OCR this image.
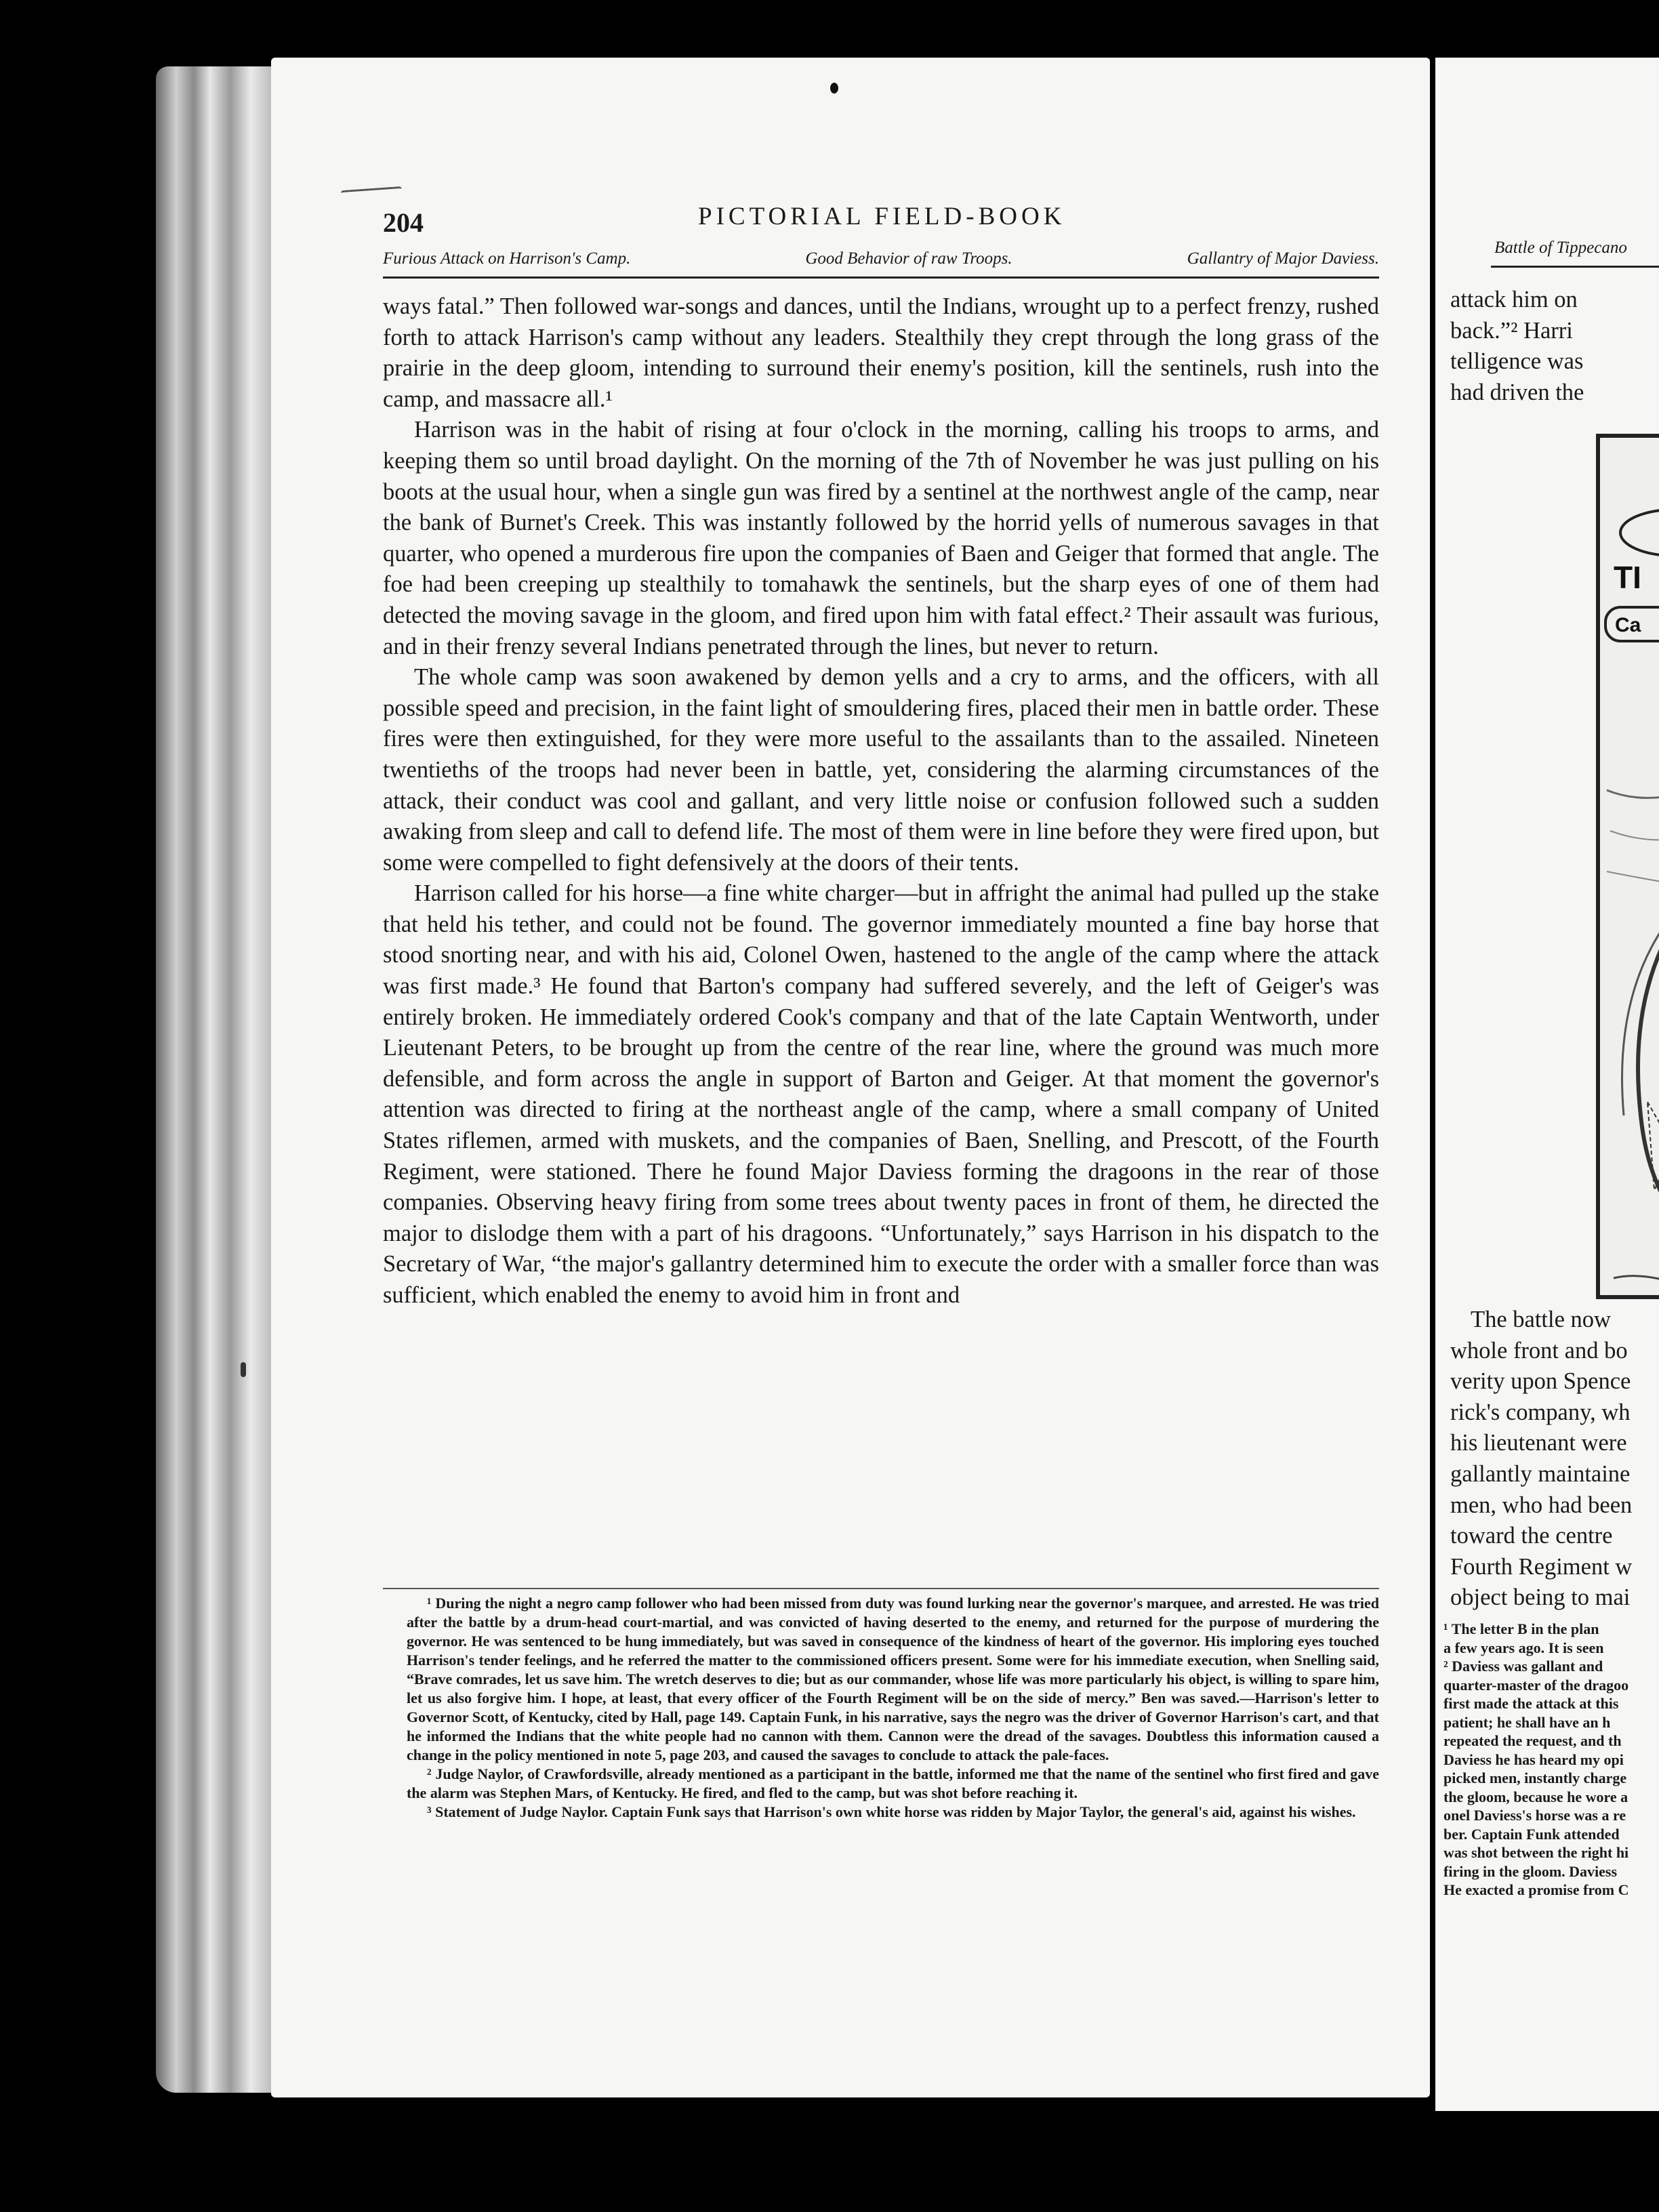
204	PICTORIAL FIELD-BOOK
Furious Attack on Harrison's Camp.	Good Behavior of raw Troops.	Gallantry of Major Daviess.

ways fatal.” Then followed war-songs and dances, until the Indians, wrought up to a perfect frenzy, rushed forth to attack Harrison's camp without any leaders. Stealthily they crept through the long grass of the prairie in the deep gloom, intending to surround their enemy's position, kill the sentinels, rush into the camp, and massacre all.¹

Harrison was in the habit of rising at four o'clock in the morning, calling his troops to arms, and keeping them so until broad daylight. On the morning of the 7th of November he was just pulling on his boots at the usual hour, when a single gun was fired by a sentinel at the northwest angle of the camp, near the bank of Burnet's Creek. This was instantly followed by the horrid yells of numerous savages in that quarter, who opened a murderous fire upon the companies of Baen and Geiger that formed that angle. The foe had been creeping up stealthily to tomahawk the sentinels, but the sharp eyes of one of them had detected the moving savage in the gloom, and fired upon him with fatal effect.² Their assault was furious, and in their frenzy several Indians penetrated through the lines, but never to return.

The whole camp was soon awakened by demon yells and a cry to arms, and the officers, with all possible speed and precision, in the faint light of smouldering fires, placed their men in battle order. These fires were then extinguished, for they were more useful to the assailants than to the assailed. Nineteen twentieths of the troops had never been in battle, yet, considering the alarming circumstances of the attack, their conduct was cool and gallant, and very little noise or confusion followed such a sudden awaking from sleep and call to defend life. The most of them were in line before they were fired upon, but some were compelled to fight defensively at the doors of their tents.

Harrison called for his horse—a fine white charger—but in affright the animal had pulled up the stake that held his tether, and could not be found. The governor immediately mounted a fine bay horse that stood snorting near, and with his aid, Colonel Owen, hastened to the angle of the camp where the attack was first made.³ He found that Barton's company had suffered severely, and the left of Geiger's was entirely broken. He immediately ordered Cook's company and that of the late Captain Wentworth, under Lieutenant Peters, to be brought up from the centre of the rear line, where the ground was much more defensible, and form across the angle in support of Barton and Geiger. At that moment the governor's attention was directed to firing at the northeast angle of the camp, where a small company of United States riflemen, armed with muskets, and the companies of Baen, Snelling, and Prescott, of the Fourth Regiment, were stationed. There he found Major Daviess forming the dragoons in the rear of those companies. Observing heavy firing from some trees about twenty paces in front of them, he directed the major to dislodge them with a part of his dragoons. “Unfortunately,” says Harrison in his dispatch to the Secretary of War, “the major's gallantry determined him to execute the order with a smaller force than was sufficient, which enabled the enemy to avoid him in front and

¹ During the night a negro camp follower who had been missed from duty was found lurking near the governor's marquee, and arrested. He was tried after the battle by a drum-head court-martial, and was convicted of having deserted to the enemy, and returned for the purpose of murdering the governor. He was sentenced to be hung immediately, but was saved in consequence of the kindness of heart of the governor. His imploring eyes touched Harrison's tender feelings, and he referred the matter to the commissioned officers present. Some were for his immediate execution, when Snelling said, “Brave comrades, let us save him. The wretch deserves to die; but as our commander, whose life was more particularly his object, is willing to spare him, let us also forgive him. I hope, at least, that every officer of the Fourth Regiment will be on the side of mercy.” Ben was saved.—Harrison's letter to Governor Scott, of Kentucky, cited by Hall, page 149. Captain Funk, in his narrative, says the negro was the driver of Governor Harrison's cart, and that he informed the Indians that the white people had no cannon with them. Cannon were the dread of the savages. Doubtless this information caused a change in the policy mentioned in note 5, page 203, and caused the savages to conclude to attack the pale-faces.

² Judge Naylor, of Crawfordsville, already mentioned as a participant in the battle, informed me that the name of the sentinel who first fired and gave the alarm was Stephen Mars, of Kentucky. He fired, and fled to the camp, but was shot before reaching it.

³ Statement of Judge Naylor. Captain Funk says that Harrison's own white horse was ridden by Major Taylor, the general's aid, against his wishes.

Battle of Tippecano
attack him on
back.”² Harri
telligence was
had driven the
TI
Ca
The battle now
whole front and bo
verity upon Spence
rick's company, wh
his lieutenant were
gallantly maintaine
men, who had been
toward the centre
Fourth Regiment w
object being to mai
¹ The letter B in the plan
a few years ago. It is seen
² Daviess was gallant and
quarter-master of the dragoo
first made the attack at this
patient; he shall have an h
repeated the request, and th
Daviess he has heard my opi
picked men, instantly charge
the gloom, because he wore a
onel Daviess's horse was a re
ber. Captain Funk attended
was shot between the right hi
firing in the gloom. Daviess
He exacted a promise from C
